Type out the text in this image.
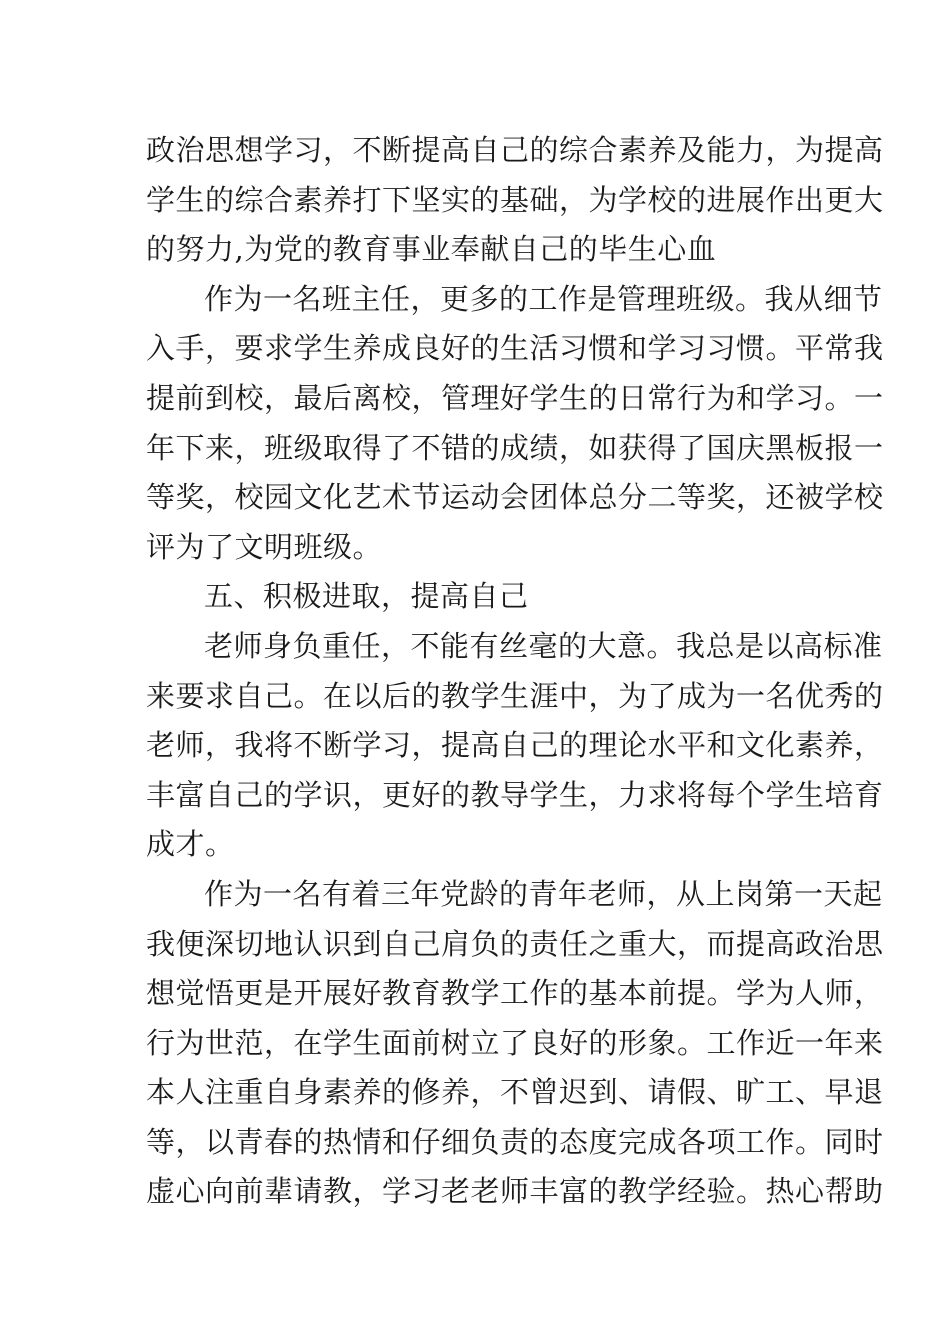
政治思想学习，不断提高自己的综合素养及能力，为提高
学生的综合素养打下坚实的基础，为学校的进展作出更大
的努力,为党的教育事业奉献自己的毕生心血
作为一名班主任，更多的工作是管理班级。我从细节
入手，要求学生养成良好的生活习惯和学习习惯。平常我
提前到校，最后离校，管理好学生的日常行为和学习。一
年下来，班级取得了不错的成绩，如获得了国庆黑板报一
等奖，校园文化艺术节运动会团体总分二等奖，还被学校
评为了文明班级。
五、积极进取，提高自己
老师身负重任，不能有丝毫的大意。我总是以高标准
来要求自己。在以后的教学生涯中，为了成为一名优秀的
老师，我将不断学习，提高自己的理论水平和文化素养，
丰富自己的学识，更好的教导学生，力求将每个学生培育
成才。
作为一名有着三年党龄的青年老师，从上岗第一天起
我便深切地认识到自己肩负的责任之重大，而提高政治思
想觉悟更是开展好教育教学工作的基本前提。学为人师，
行为世范，在学生面前树立了良好的形象。工作近一年来
本人注重自身素养的修养，不曾迟到、请假、旷工、早退
等，以青春的热情和仔细负责的态度完成各项工作。同时
虚心向前辈请教，学习老老师丰富的教学经验。热心帮助
